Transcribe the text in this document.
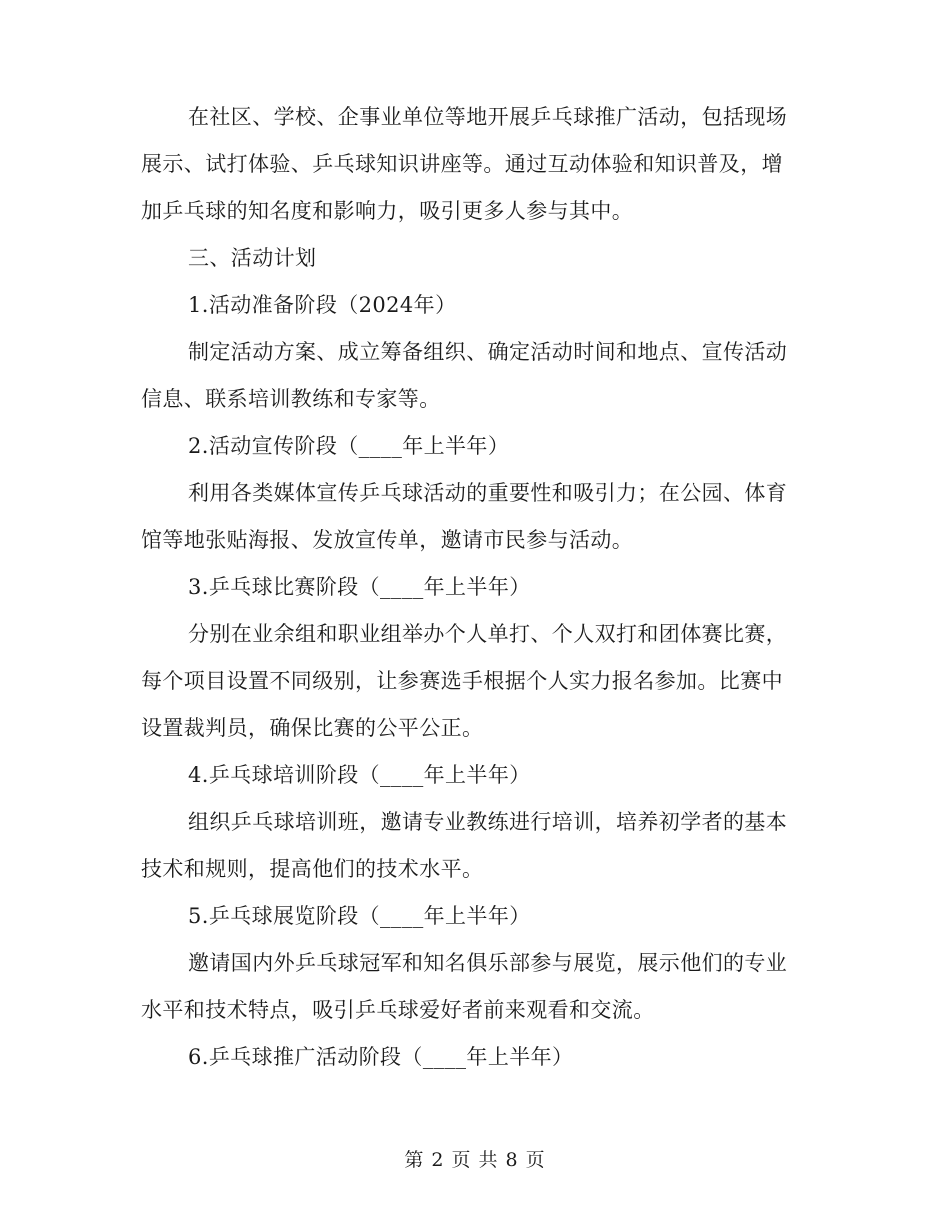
在社区、学校、企事业单位等地开展乒乓球推广活动，包括现场展示、试打体验、乒乓球知识讲座等。通过互动体验和知识普及，增加乒乓球的知名度和影响力，吸引更多人参与其中。

三、活动计划

1.活动准备阶段（2024年）

制定活动方案、成立筹备组织、确定活动时间和地点、宣传活动信息、联系培训教练和专家等。

2.活动宣传阶段（____年上半年）

利用各类媒体宣传乒乓球活动的重要性和吸引力；在公园、体育馆等地张贴海报、发放宣传单，邀请市民参与活动。

3.乒乓球比赛阶段（____年上半年）

分别在业余组和职业组举办个人单打、个人双打和团体赛比赛，每个项目设置不同级别，让参赛选手根据个人实力报名参加。比赛中设置裁判员，确保比赛的公平公正。

4.乒乓球培训阶段（____年上半年）

组织乒乓球培训班，邀请专业教练进行培训，培养初学者的基本技术和规则，提高他们的技术水平。

5.乒乓球展览阶段（____年上半年）

邀请国内外乒乓球冠军和知名俱乐部参与展览，展示他们的专业水平和技术特点，吸引乒乓球爱好者前来观看和交流。

6.乒乓球推广活动阶段（____年上半年）

第 2 页 共 8 页
